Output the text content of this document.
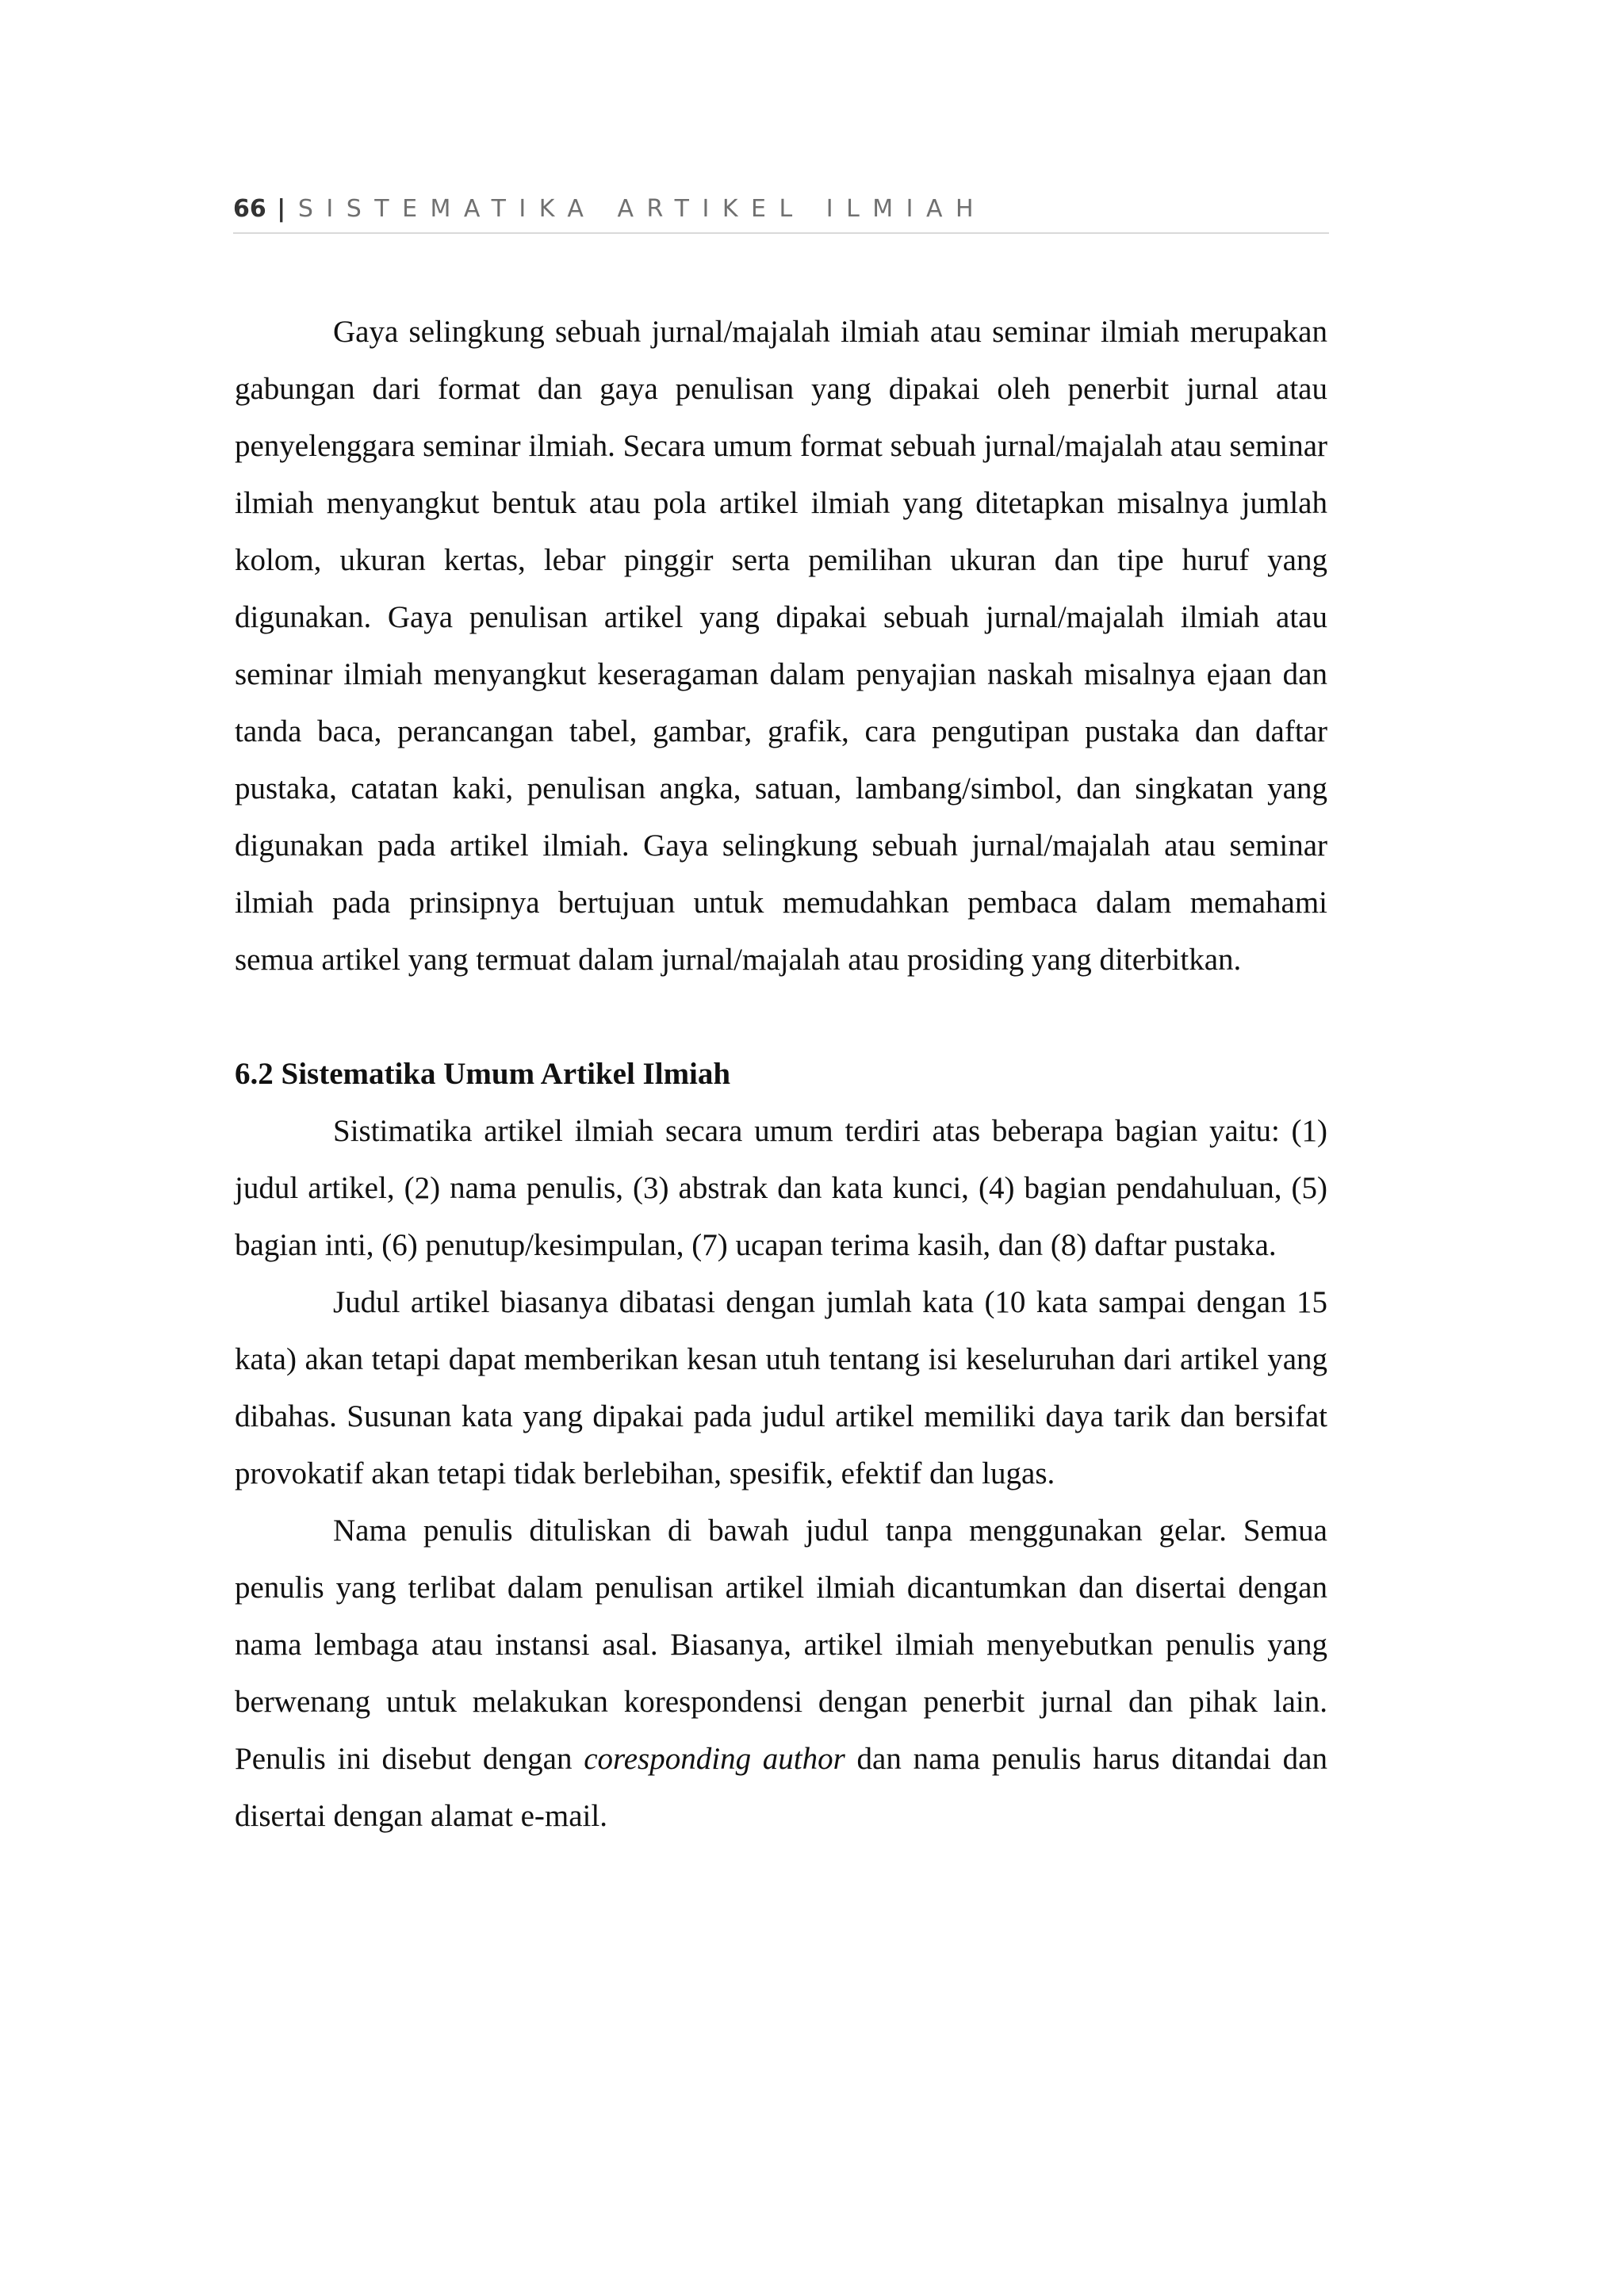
66 | SISTEMATIKA ARTIKEL ILMIAH

Gaya selingkung sebuah jurnal/majalah ilmiah atau seminar ilmiah merupakan gabungan dari format dan gaya penulisan yang dipakai oleh penerbit jurnal atau penyelenggara seminar ilmiah. Secara umum format sebuah jurnal/majalah atau seminar ilmiah menyangkut bentuk atau pola artikel ilmiah yang ditetapkan misalnya jumlah kolom, ukuran kertas, lebar pinggir serta pemilihan ukuran dan tipe huruf yang digunakan. Gaya penulisan artikel yang dipakai sebuah jurnal/majalah ilmiah atau seminar ilmiah menyangkut keseragaman dalam penyajian naskah misalnya ejaan dan tanda baca, perancangan tabel, gambar, grafik, cara pengutipan pustaka dan daftar pustaka, catatan kaki, penulisan angka, satuan, lambang/simbol, dan singkatan yang digunakan pada artikel ilmiah. Gaya selingkung sebuah jurnal/majalah atau seminar ilmiah pada prinsipnya bertujuan untuk memudahkan pembaca dalam memahami semua artikel yang termuat dalam jurnal/majalah atau prosiding yang diterbitkan.

6.2 Sistematika Umum Artikel Ilmiah

Sistimatika artikel ilmiah secara umum terdiri atas beberapa bagian yaitu: (1) judul artikel, (2) nama penulis, (3) abstrak dan kata kunci, (4) bagian pendahuluan, (5) bagian inti, (6) penutup/kesimpulan, (7) ucapan terima kasih, dan (8) daftar pustaka.

Judul artikel biasanya dibatasi dengan jumlah kata (10 kata sampai dengan 15 kata) akan tetapi dapat memberikan kesan utuh tentang isi keseluruhan dari artikel yang dibahas. Susunan kata yang dipakai pada judul artikel memiliki daya tarik dan bersifat provokatif akan tetapi tidak berlebihan, spesifik, efektif dan lugas.

Nama penulis dituliskan di bawah judul tanpa menggunakan gelar. Semua penulis yang terlibat dalam penulisan artikel ilmiah dicantumkan dan disertai dengan nama lembaga atau instansi asal. Biasanya, artikel ilmiah menyebutkan penulis yang berwenang untuk melakukan korespondensi dengan penerbit jurnal dan pihak lain. Penulis ini disebut dengan coresponding author dan nama penulis harus ditandai dan disertai dengan alamat e-mail.
